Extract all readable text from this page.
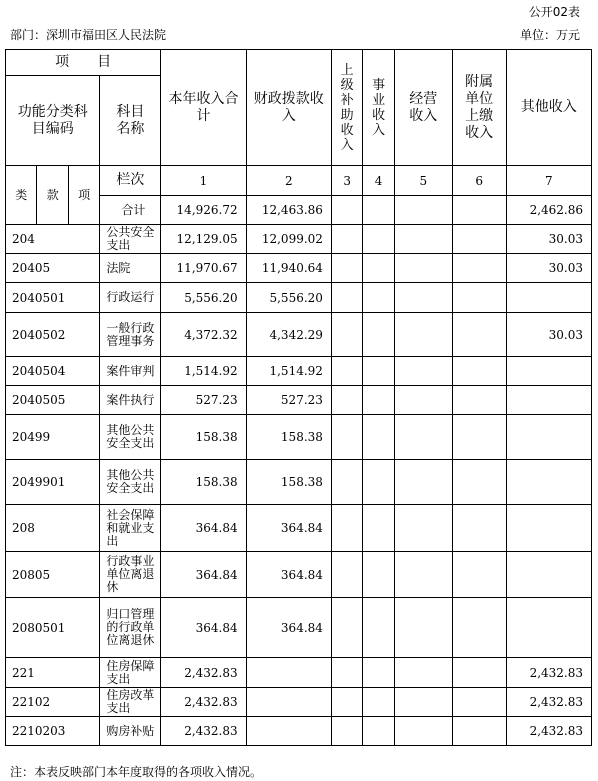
公开02表
部门：深圳市福田区人民法院	单位：万元
项　　目				本年收入合计	财政拨款收入	上级补助收入	事业收入	经营收入	附属单位上缴收入	其他收入
功能分类科目编码			科目名称							

类	款	项	栏次	1	2	3	4	5	6	7
			合计	14,926.72	12,463.86					2,462.86
204			公共安全支出	12,129.05	12,099.02					30.03
20405			法院	11,970.67	11,940.64					30.03
2040501			行政运行	5,556.20	5,556.20					
2040502			一般行政管理事务	4,372.32	4,342.29					30.03
2040504			案件审判	1,514.92	1,514.92					
2040505			案件执行	527.23	527.23					
20499			其他公共安全支出	158.38	158.38					
2049901			其他公共安全支出	158.38	158.38					
208			社会保障和就业支出	364.84	364.84					
20805			行政事业单位离退休	364.84	364.84					
2080501			归口管理的行政单位离退休	364.84	364.84					
221			住房保障支出	2,432.83						2,432.83
22102			住房改革支出	2,432.83						2,432.83
2210203			购房补贴	2,432.83						2,432.83
注：本表反映部门本年度取得的各项收入情况。
